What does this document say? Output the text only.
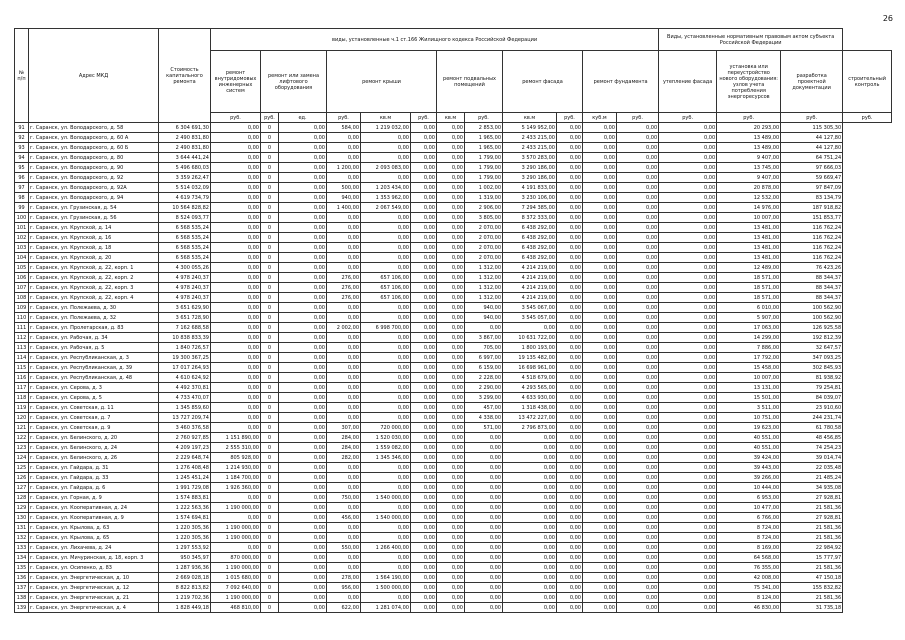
26
№ п/п	Адрес МКД	Стоимость капитального ремонта	виды, установленные ч.1 ст.166 Жилищного кодекса Российской Федерации												Виды, установленные нормативным правовым актом субъекта Российской Федерации			
			ремонт внутридомовых инженерных систем	ремонт или замена лифтового оборудования		ремонт крыши			ремонт подвальных помещений		ремонт фасада		ремонт фундамента		утепление фасада	установка или переустройство нового оборудования: узлов учета потребления энергоресурсов	разработка проектной документации	строительный контроль
			руб.	руб.	ед.	руб.	кв.м	руб.	кв.м	руб.	кв.м	руб.	куб.м	руб.	руб.	руб.	руб.	руб.
91	г. Саранск, ул. Володарского, д. 58	6 304 691,30	0,00	0	0,00	584,00	1 219 032,00	0,00	0,00	2 853,00	5 149 952,00	0,00	0,00	0,00	0,00	20 293,00	115 305,30	
92	г. Саранск, ул. Володарского, д. 60 А	2 490 831,80	0,00	0	0,00	0,00	0,00	0,00	0,00	1 965,00	2 433 215,00	0,00	0,00	0,00	0,00	13 489,00	44 127,80	
93	г. Саранск, ул. Володарского, д. 60 Б	2 490 831,80	0,00	0	0,00	0,00	0,00	0,00	0,00	1 965,00	2 433 215,00	0,00	0,00	0,00	0,00	13 489,00	44 127,80	
94	г. Саранск, ул. Володарского, д. 80	3 644 441,24	0,00	0	0,00	0,00	0,00	0,00	0,00	1 799,00	3 570 283,00	0,00	0,00	0,00	0,00	9 407,00	64 751,24	
95	г. Саранск, ул. Володарского, д. 90	5 496 680,03	0,00	0	0,00	1 200,00	2 093 083,00	0,00	0,00	1 799,00	3 290 186,00	0,00	0,00	0,00	0,00	13 745,00	97 666,03	
96	г. Саранск, ул. Володарского, д. 92	3 359 262,47	0,00	0	0,00	0,00	0,00	0,00	0,00	1 799,00	3 290 186,00	0,00	0,00	0,00	0,00	9 407,00	59 669,47	
97	г. Саранск, ул. Володарского, д. 92А	5 514 032,09	0,00	0	0,00	500,00	1 203 434,00	0,00	0,00	1 002,00	4 191 833,00	0,00	0,00	0,00	0,00	20 878,00	97 847,09	
98	г. Саранск, ул. Володарского, д. 94	4 619 734,79	0,00	0	0,00	940,00	1 353 962,00	0,00	0,00	1 319,00	3 230 106,00	0,00	0,00	0,00	0,00	12 532,00	83 134,79	
99	г. Саранск, ул. Грузинская, д. 54	10 564 828,82	0,00	0	0,00	1 400,00	2 067 549,00	0,00	0,00	2 906,00	7 294 385,00	0,00	0,00	0,00	0,00	14 976,00	187 918,82	
100	г. Саранск, ул. Грузинская, д. 56	8 524 093,77	0,00	0	0,00	0,00	0,00	0,00	0,00	3 805,00	8 372 333,00	0,00	0,00	0,00	0,00	10 007,00	151 853,77	
101	г. Саранск, ул. Крупской, д. 14	6 568 535,24	0,00	0	0,00	0,00	0,00	0,00	0,00	2 070,00	6 438 292,00	0,00	0,00	0,00	0,00	13 481,00	116 762,24	
102	г. Саранск, ул. Крупской, д. 16	6 568 535,24	0,00	0	0,00	0,00	0,00	0,00	0,00	2 070,00	6 438 292,00	0,00	0,00	0,00	0,00	13 481,00	116 762,24	
103	г. Саранск, ул. Крупской, д. 18	6 568 535,24	0,00	0	0,00	0,00	0,00	0,00	0,00	2 070,00	6 438 292,00	0,00	0,00	0,00	0,00	13 481,00	116 762,24	
104	г. Саранск, ул. Крупской, д. 20	6 568 535,24	0,00	0	0,00	0,00	0,00	0,00	0,00	2 070,00	6 438 292,00	0,00	0,00	0,00	0,00	13 481,00	116 762,24	
105	г. Саранск, ул. Крупской, д. 22, корп. 1	4 300 055,26	0,00	0	0,00	0,00	0,00	0,00	0,00	1 312,00	4 214 219,00	0,00	0,00	0,00	0,00	12 489,00	76 423,26	
106	г. Саранск, ул. Крупской, д. 22, корп. 2	4 978 240,37	0,00	0	0,00	276,00	657 106,00	0,00	0,00	1 312,00	4 214 219,00	0,00	0,00	0,00	0,00	18 571,00	88 344,37	
107	г. Саранск, ул. Крупской, д. 22, корп. 3	4 978 240,37	0,00	0	0,00	276,00	657 106,00	0,00	0,00	1 312,00	4 214 219,00	0,00	0,00	0,00	0,00	18 571,00	88 344,37	
108	г. Саранск, ул. Крупской, д. 22, корп. 4	4 978 240,37	0,00	0	0,00	276,00	657 106,00	0,00	0,00	1 312,00	4 214 219,00	0,00	0,00	0,00	0,00	18 571,00	88 344,37	
109	г. Саранск, ул. Полежаева, д. 30	3 651 629,90	0,00	0	0,00	0,00	0,00	0,00	0,00	940,00	3 545 067,00	0,00	0,00	0,00	0,00	6 010,00	100 562,90	
110	г. Саранск, ул. Полежаева, д. 32	3 651 728,90	0,00	0	0,00	0,00	0,00	0,00	0,00	940,00	3 545 057,00	0,00	0,00	0,00	0,00	5 907,00	100 562,90	
111	г. Саранск, ул. Пролетарская, д. 83	7 162 688,58	0,00	0	0,00	2 002,00	6 998 700,00	0,00	0,00	0,00	0,00	0,00	0,00	0,00	0,00	17 063,00	126 925,58	
112	г. Саранск, ул. Рабочая, д. 34	10 838 833,39	0,00	0	0,00	0,00	0,00	0,00	0,00	3 867,00	10 631 722,00	0,00	0,00	0,00	0,00	14 299,00	192 812,39	
113	г. Саранск, ул. Рабочая, д. 5	1 840 726,57	0,00	0	0,00	0,00	0,00	0,00	0,00	705,00	1 800 193,00	0,00	0,00	0,00	0,00	7 886,00	32 647,57	
114	г. Саранск, ул. Республиканская, д. 3	19 300 367,25	0,00	0	0,00	0,00	0,00	0,00	0,00	6 997,00	19 135 482,00	0,00	0,00	0,00	0,00	17 792,00	347 093,25	
115	г. Саранск, ул. Республиканская, д. 39	17 017 264,93	0,00	0	0,00	0,00	0,00	0,00	0,00	6 159,00	16 698 961,00	0,00	0,00	0,00	0,00	15 458,00	302 845,93	
116	г. Саранск, ул. Республиканская, д. 48	4 610 624,92	0,00	0	0,00	0,00	0,00	0,00	0,00	2 228,00	4 518 679,00	0,00	0,00	0,00	0,00	10 007,00	81 938,92	
117	г. Саранск, ул. Серова, д. 3	4 492 370,81	0,00	0	0,00	0,00	0,00	0,00	0,00	2 290,00	4 293 565,00	0,00	0,00	0,00	0,00	13 131,00	79 254,81	
118	г. Саранск, ул. Серова, д. 5	4 733 470,07	0,00	0	0,00	0,00	0,00	0,00	0,00	3 299,00	4 633 930,00	0,00	0,00	0,00	0,00	15 501,00	84 039,07	
119	г. Саранск, ул. Советская, д. 11	1 345 859,60	0,00	0	0,00	0,00	0,00	0,00	0,00	457,00	1 318 438,00	0,00	0,00	0,00	0,00	3 511,00	23 910,60	
120	г. Саранск, ул. Советская, д. 7	13 727 209,74	0,00	0	0,00	0,00	0,00	0,00	0,00	4 338,00	13 472 227,00	0,00	0,00	0,00	0,00	10 751,00	244 231,74	
121	г. Саранск, ул. Советская, д. 9	3 460 376,58	0,00	0	0,00	307,00	720 000,00	0,00	0,00	571,00	2 796 873,00	0,00	0,00	0,00	0,00	19 623,00	61 780,58	
122	г. Саранск, ул. Белинского, д. 20	2 760 927,85	1 151 890,00	0	0,00	284,00	1 520 030,00	0,00	0,00	0,00	0,00	0,00	0,00	0,00	0,00	40 551,00	48 456,85	
123	г. Саранск, ул. Белинского, д. 24	4 209 197,23	2 555 310,00	0	0,00	284,00	1 559 082,00	0,00	0,00	0,00	0,00	0,00	0,00	0,00	0,00	40 551,00	74 254,23	
124	г. Саранск, ул. Белинского, д. 26	2 229 648,74	805 928,00	0	0,00	282,00	1 345 346,00	0,00	0,00	0,00	0,00	0,00	0,00	0,00	0,00	39 424,00	39 014,74	
125	г. Саранск, ул. Гайдара, д. 31	1 276 408,48	1 214 930,00	0	0,00	0,00	0,00	0,00	0,00	0,00	0,00	0,00	0,00	0,00	0,00	39 443,00	22 035,48	
126	г. Саранск, ул. Гайдара, д. 33	1 245 451,24	1 184 700,00	0	0,00	0,00	0,00	0,00	0,00	0,00	0,00	0,00	0,00	0,00	0,00	39 266,00	21 485,24	
127	г. Саранск, ул. Гайдара, д. 6	1 991 729,08	1 926 360,00	0	0,00	0,00	0,00	0,00	0,00	0,00	0,00	0,00	0,00	0,00	0,00	10 444,00	34 935,08	
128	г. Саранск, ул. Горная, д. 9	1 574 883,81	0,00	0	0,00	750,00	1 540 000,00	0,00	0,00	0,00	0,00	0,00	0,00	0,00	0,00	6 953,00	27 928,81	
129	г. Саранск, ул. Кооперативная, д. 24	1 222 563,36	1 190 000,00	0	0,00	0,00	0,00	0,00	0,00	0,00	0,00	0,00	0,00	0,00	0,00	10 477,00	21 581,36	
130	г. Саранск, ул. Кооперативная, д. 9	1 574 694,81	0,00	0	0,00	456,00	1 540 000,00	0,00	0,00	0,00	0,00	0,00	0,00	0,00	0,00	6 766,00	27 928,81	
131	г. Саранск, ул. Крылова, д. 63	1 220 305,36	1 190 000,00	0	0,00	0,00	0,00	0,00	0,00	0,00	0,00	0,00	0,00	0,00	0,00	8 724,00	21 581,36	
132	г. Саранск, ул. Крылова, д. 65	1 220 305,36	1 190 000,00	0	0,00	0,00	0,00	0,00	0,00	0,00	0,00	0,00	0,00	0,00	0,00	8 724,00	21 581,36	
133	г. Саранск, ул. Лихачева, д. 24	1 297 553,92	0,00	0	0,00	550,00	1 266 400,00	0,00	0,00	0,00	0,00	0,00	0,00	0,00	0,00	8 169,00	22 984,92	
134	г. Саранск, ул. Мичуринская, д. 18, корп. 3	950 345,97	870 000,00	0	0,00	0,00	0,00	0,00	0,00	0,00	0,00	0,00	0,00	0,00	0,00	64 568,00	15 777,97	
135	г. Саранск, ул. Осипенко, д. 83	1 287 936,36	1 190 000,00	0	0,00	0,00	0,00	0,00	0,00	0,00	0,00	0,00	0,00	0,00	0,00	76 355,00	21 581,36	
136	г. Саранск, ул. Энергетическая, д. 10	2 669 028,18	1 015 680,00	0	0,00	278,00	1 564 190,00	0,00	0,00	0,00	0,00	0,00	0,00	0,00	0,00	42 008,00	47 150,18	
137	г. Саранск, ул. Энергетическая, д. 12	8 822 813,82	7 092 640,00	0	0,00	956,00	1 500 000,00	0,00	0,00	0,00	0,00	0,00	0,00	0,00	0,00	75 341,00	155 832,82	
138	г. Саранск, ул. Энергетическая, д. 21	1 219 702,36	1 190 000,00	0	0,00	0,00	0,00	0,00	0,00	0,00	0,00	0,00	0,00	0,00	0,00	8 124,00	21 581,36	
139	г. Саранск, ул. Энергетическая, д. 4	1 828 449,18	468 810,00	0	0,00	622,00	1 281 074,00	0,00	0,00	0,00	0,00	0,00	0,00	0,00	0,00	46 830,00	31 735,18	
